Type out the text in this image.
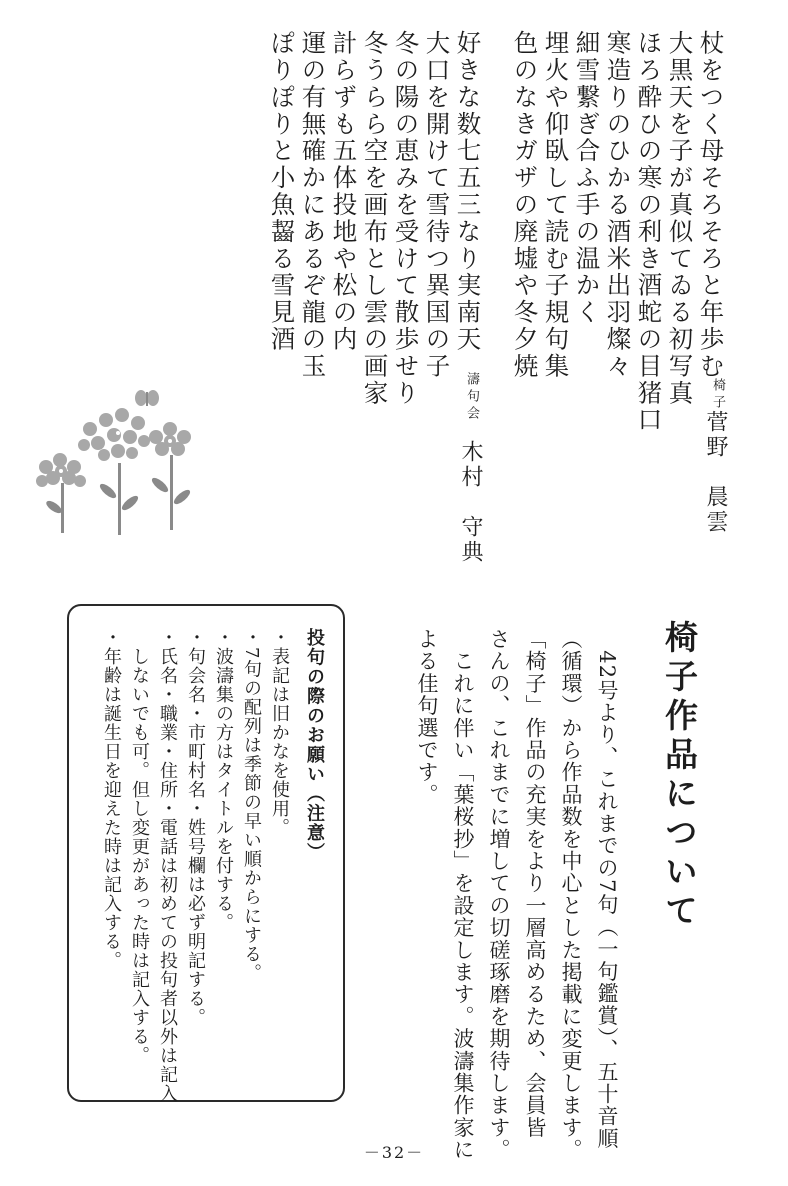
杖をつく母そろそろと年歩む
大黒天を子が真似てゐる初写真
ほろ酔ひの寒の利き酒蛇の目猪口
寒造りのひかる酒米出羽燦々
細雪繋ぎ合ふ手の温かく
埋火や仰臥して読む子規句集
色のなきガザの廃墟や冬夕焼
好きな数七五三なり実南天
大口を開けて雪待つ異国の子
冬の陽の恵みを受けて散歩せり
冬うらら空を画布とし雲の画家
計らずも五体投地や松の内
運の有無確かにあるぞ龍の玉
ぽりぽりと小魚齧る雪見酒
椅子
菅野　晨雲
濤句会
木村　守典
椅子作品について
　42号より、これまでの7句（一句鑑賞）、五十音順
（循環）から作品数を中心とした掲載に変更します。
「椅子」作品の充実をより一層高めるため、会員皆
さんの、これまでに増しての切磋琢磨を期待します。
　これに伴い「葉桜抄」を設定します。波濤集作家に
よる佳句選です。
投句の際のお願い（注意）
・表記は旧かなを使用。
・7句の配列は季節の早い順からにする。
・波濤集の方はタイトルを付する。
・句会名・市町村名・姓号欄は必ず明記する。
・氏名・職業・住所・電話は初めての投句者以外は記入
　しないでも可。但し変更があった時は記入する。
・年齢は誕生日を迎えた時は記入する。
－32－
